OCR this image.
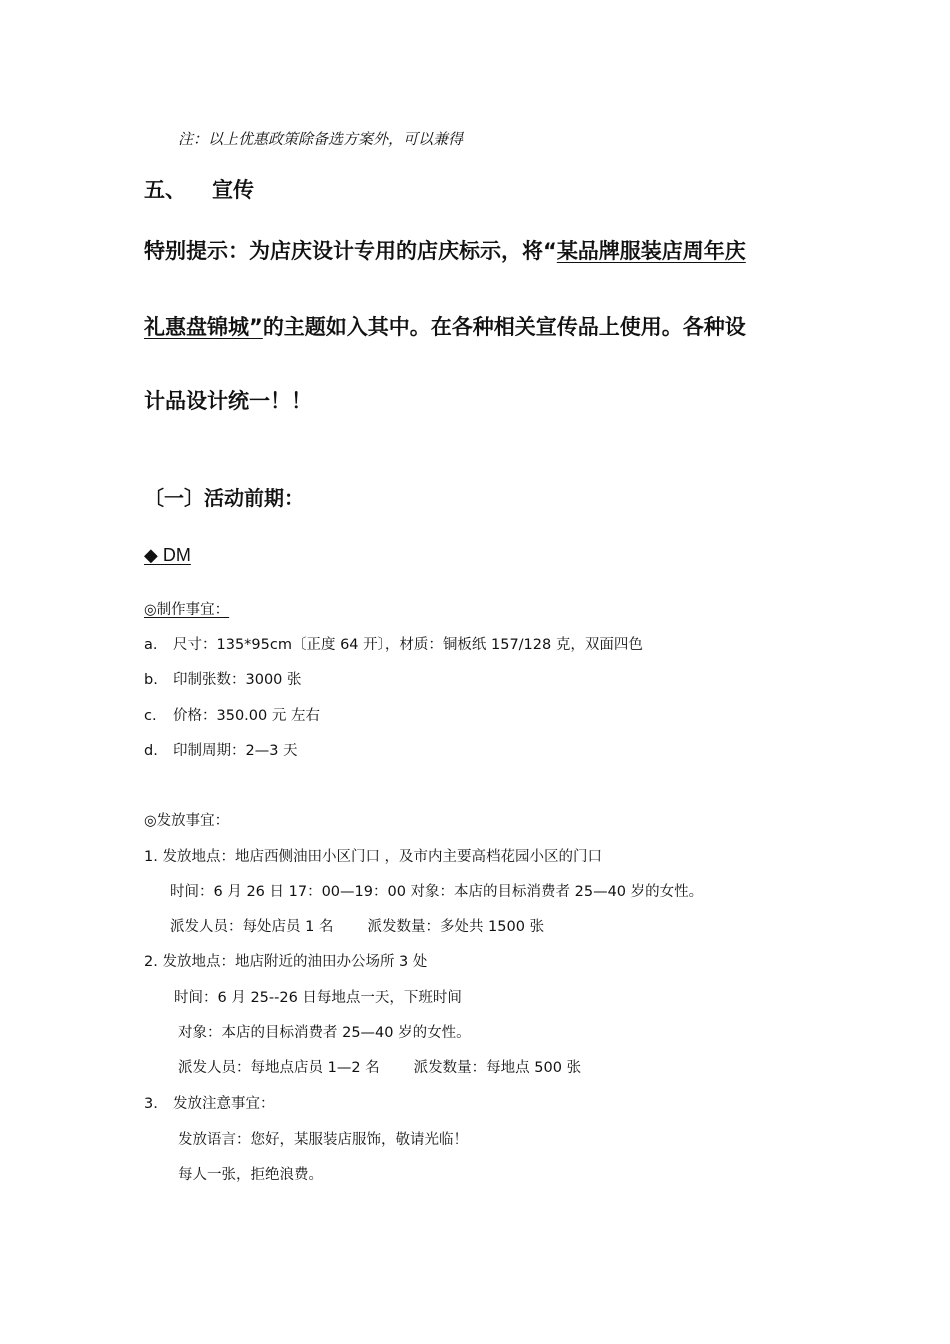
注：以上优惠政策除备选方案外，可以兼得
五、 宣传
特别提示：为店庆设计专用的店庆标示，将“某品牌服装店周年庆
礼惠盘锦城”的主题如入其中。在各种相关宣传品上使用。各种设
计品设计统一！！
〔一〕活动前期：
◆ DM
◎制作事宜：
a. 尺寸：135*95cm〔正度 64 开〕，材质：铜板纸 157/128 克，双面四色
b. 印制张数：3000 张
c. 价格：350.00 元 左右
d. 印制周期：2—3 天
◎发放事宜：
1. 发放地点：地店西侧油田小区门口 ，及市内主要高档花园小区的门口
时间：6 月 26 日 17：00—19：00 对象：本店的目标消费者 25—40 岁的女性。
派发人员：每处店员 1 名 派发数量：多处共 1500 张
2. 发放地点：地店附近的油田办公场所 3 处
时间：6 月 25--26 日每地点一天，下班时间
对象：本店的目标消费者 25—40 岁的女性。
派发人员：每地点店员 1—2 名 派发数量：每地点 500 张
3. 发放注意事宜：
发放语言：您好，某服装店服饰，敬请光临！
每人一张，拒绝浪费。
